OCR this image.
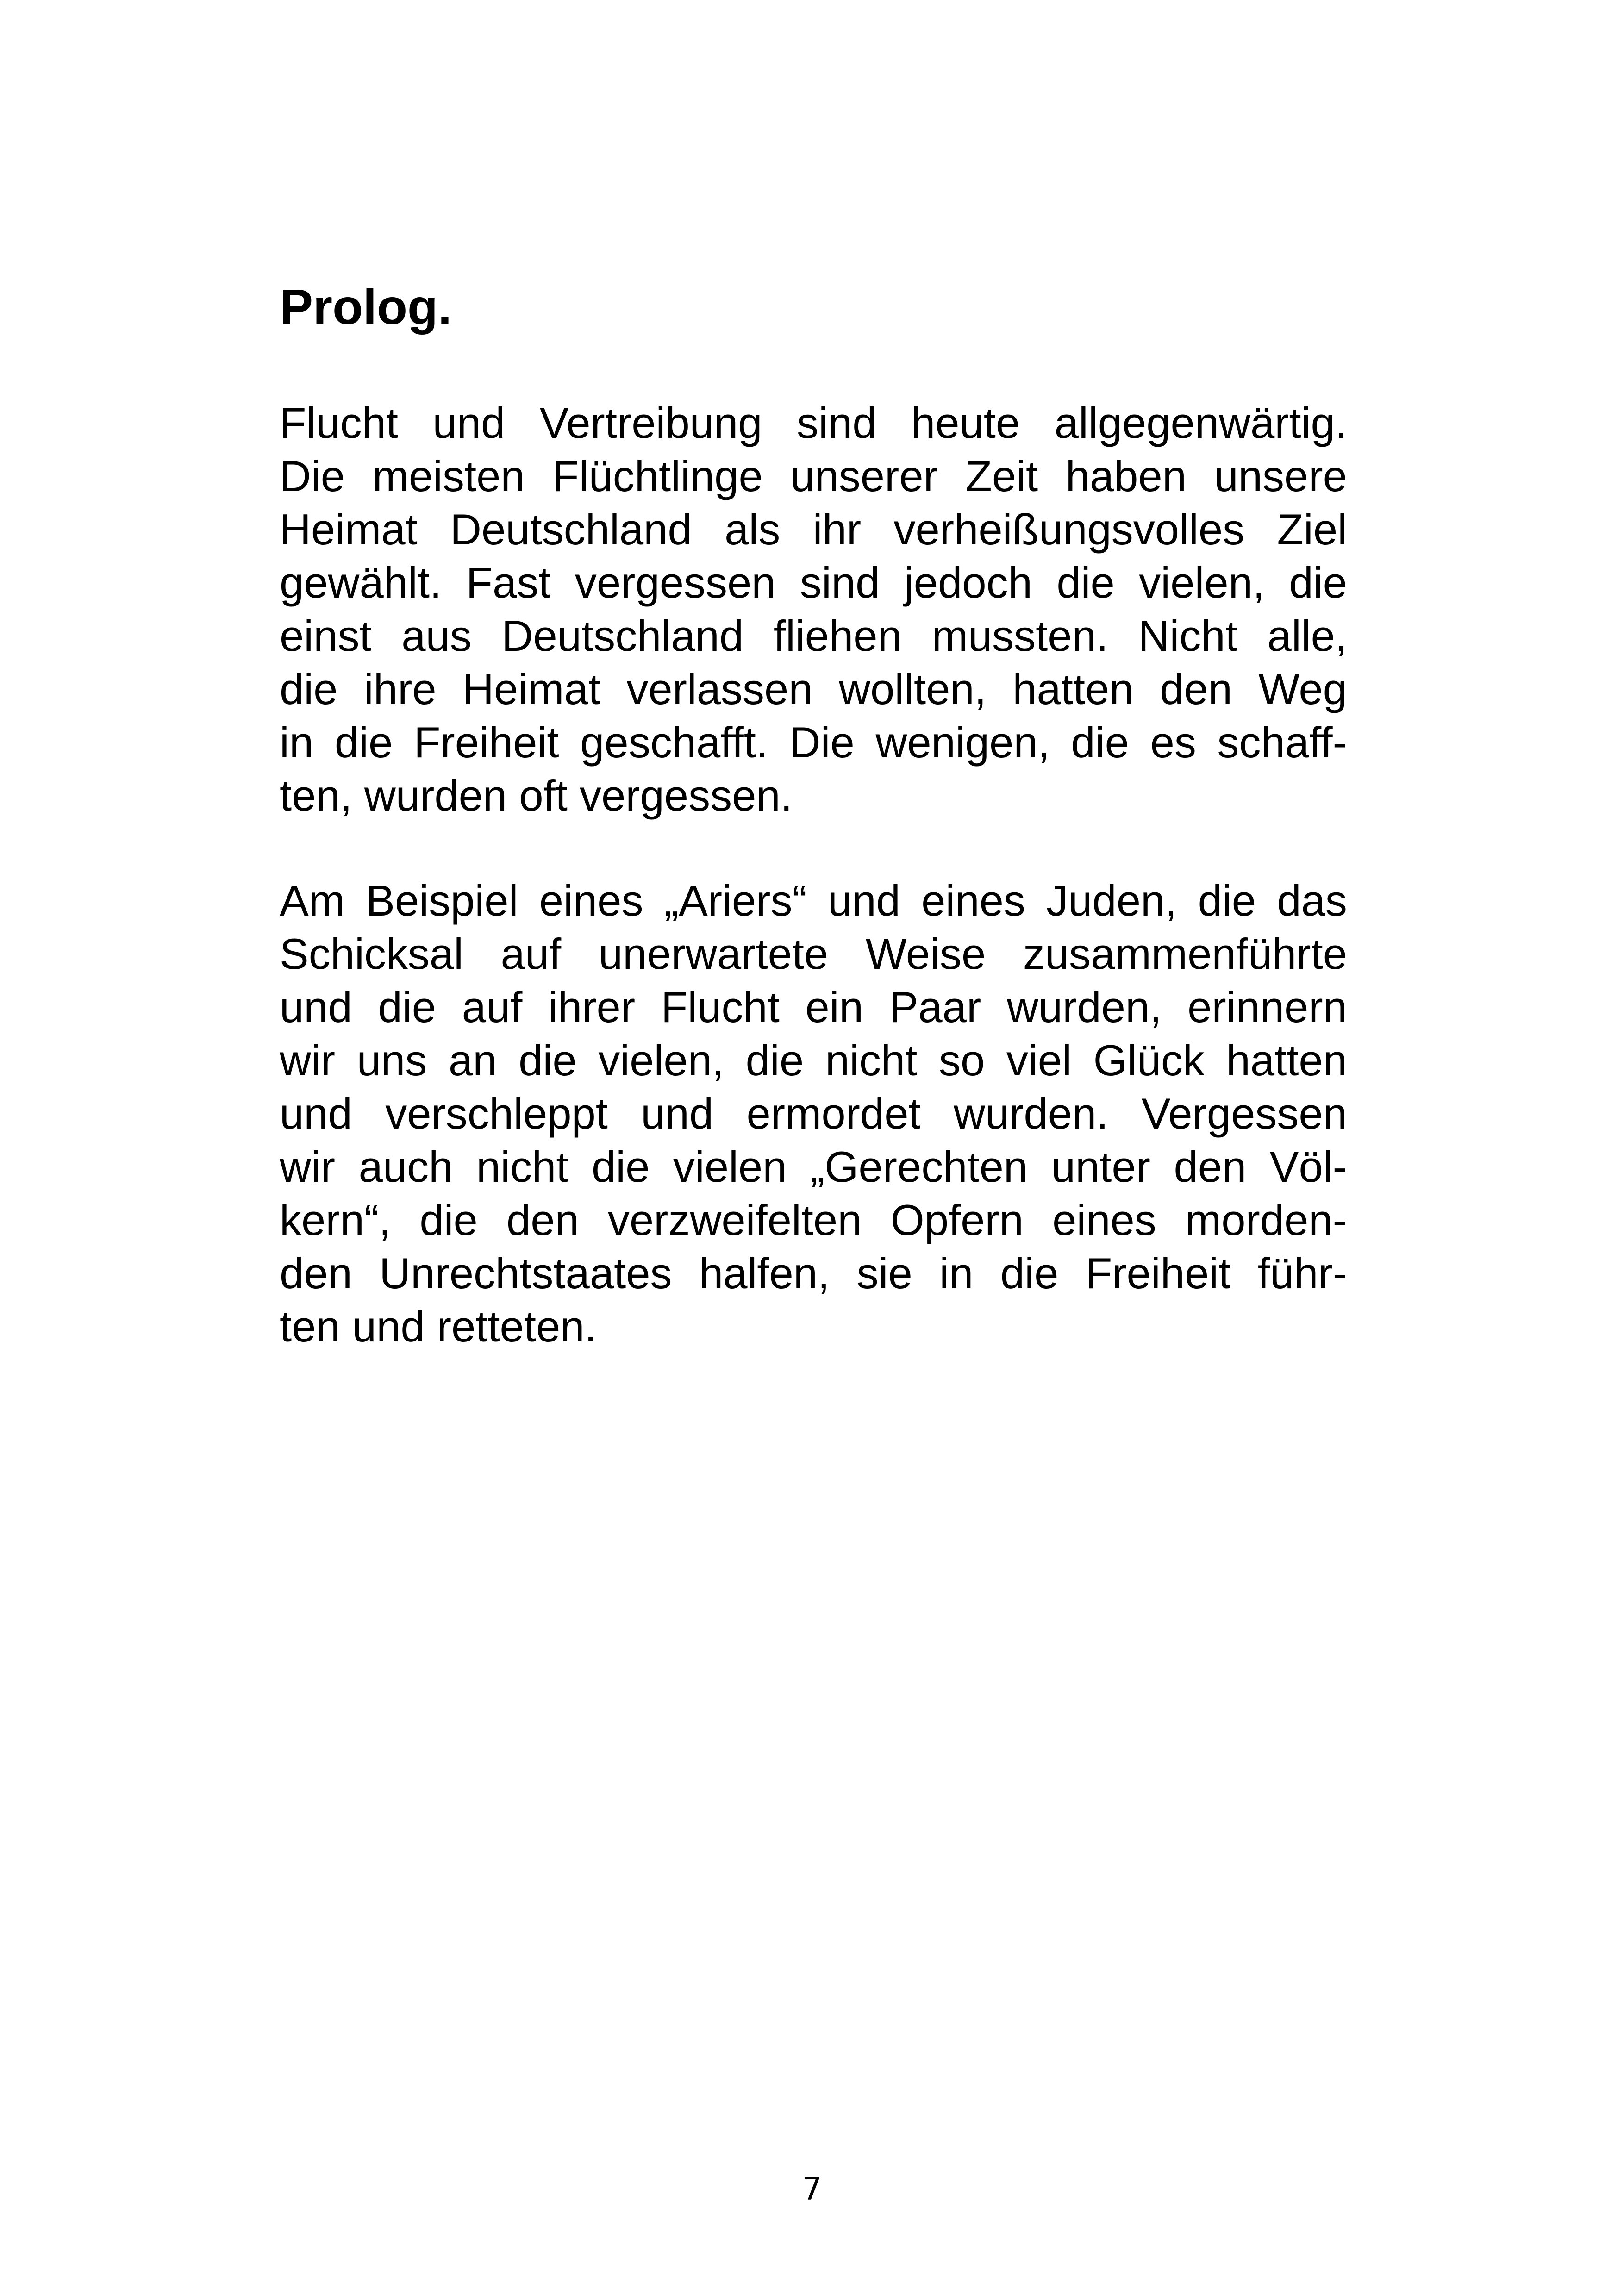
Prolog.
Flucht und Vertreibung sind heute allgegenwärtig.
Die meisten Flüchtlinge unserer Zeit haben unsere
Heimat Deutschland als ihr verheißungsvolles Ziel
gewählt. Fast vergessen sind jedoch die vielen, die
einst aus Deutschland fliehen mussten. Nicht alle,
die ihre Heimat verlassen wollten, hatten den Weg
in die Freiheit geschafft. Die wenigen, die es schaff-
ten, wurden oft vergessen.
Am Beispiel eines „Ariers“ und eines Juden, die das
Schicksal auf unerwartete Weise zusammenführte
und die auf ihrer Flucht ein Paar wurden, erinnern
wir uns an die vielen, die nicht so viel Glück hatten
und verschleppt und ermordet wurden. Vergessen
wir auch nicht die vielen „Gerechten unter den Völ-
kern“, die den verzweifelten Opfern eines morden-
den Unrechtstaates halfen, sie in die Freiheit führ-
ten und retteten.
7
